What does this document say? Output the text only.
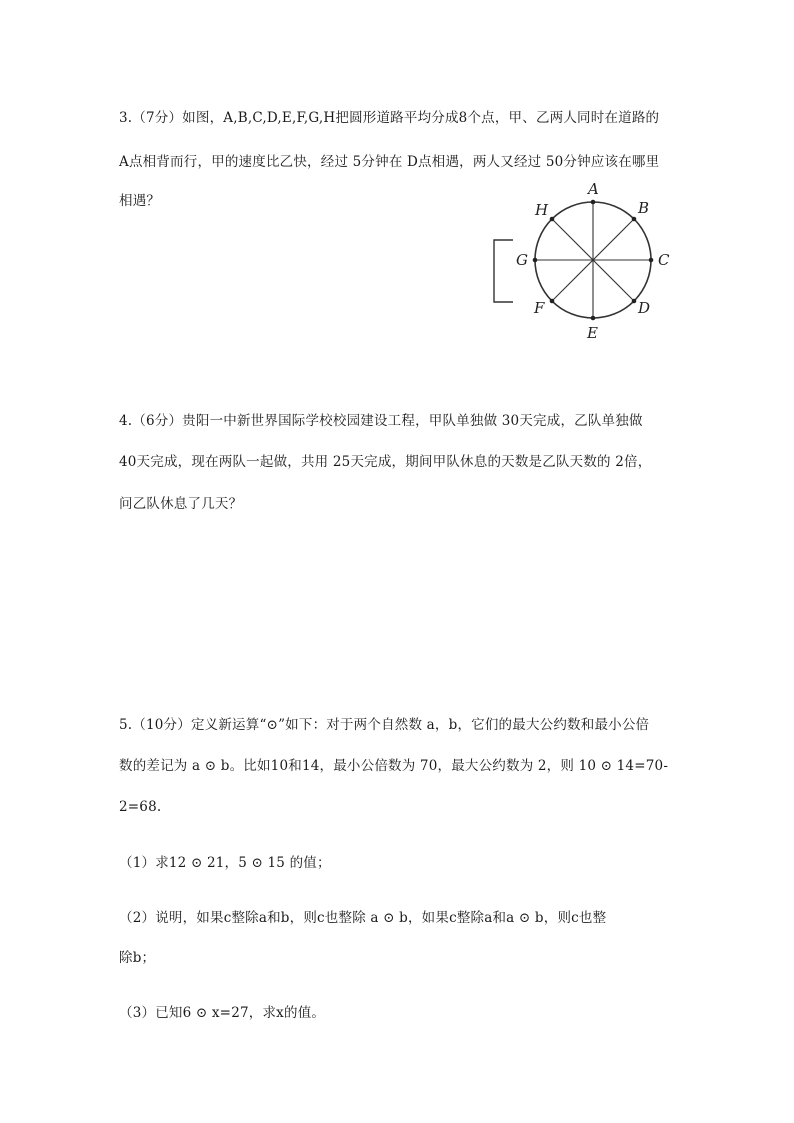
3.（7分）如图，A,B,C,D,E,F,G,H把圆形道路平均分成8个点，甲、乙两人同时在道路的
A点相背而行，甲的速度比乙快，经过 5分钟在 D点相遇，两人又经过 50分钟应该在哪里
相遇？
A
B
C
D
E
F
G
H
4.（6分）贵阳一中新世界国际学校校园建设工程，甲队单独做 30天完成，乙队单独做
40天完成，现在两队一起做，共用 25天完成，期间甲队休息的天数是乙队天数的 2倍，
问乙队休息了几天？
5.（10分）定义新运算“⊙”如下：对于两个自然数 a，b，它们的最大公约数和最小公倍
数的差记为 a ⊙ b。比如10和14，最小公倍数为 70，最大公约数为 2，则 10 ⊙ 14=70-
2=68.
（1）求12 ⊙ 21，5 ⊙ 15 的值；
（2）说明，如果c整除a和b，则c也整除 a ⊙ b，如果c整除a和a ⊙ b，则c也整
除b；
（3）已知6 ⊙ x=27，求x的值。
